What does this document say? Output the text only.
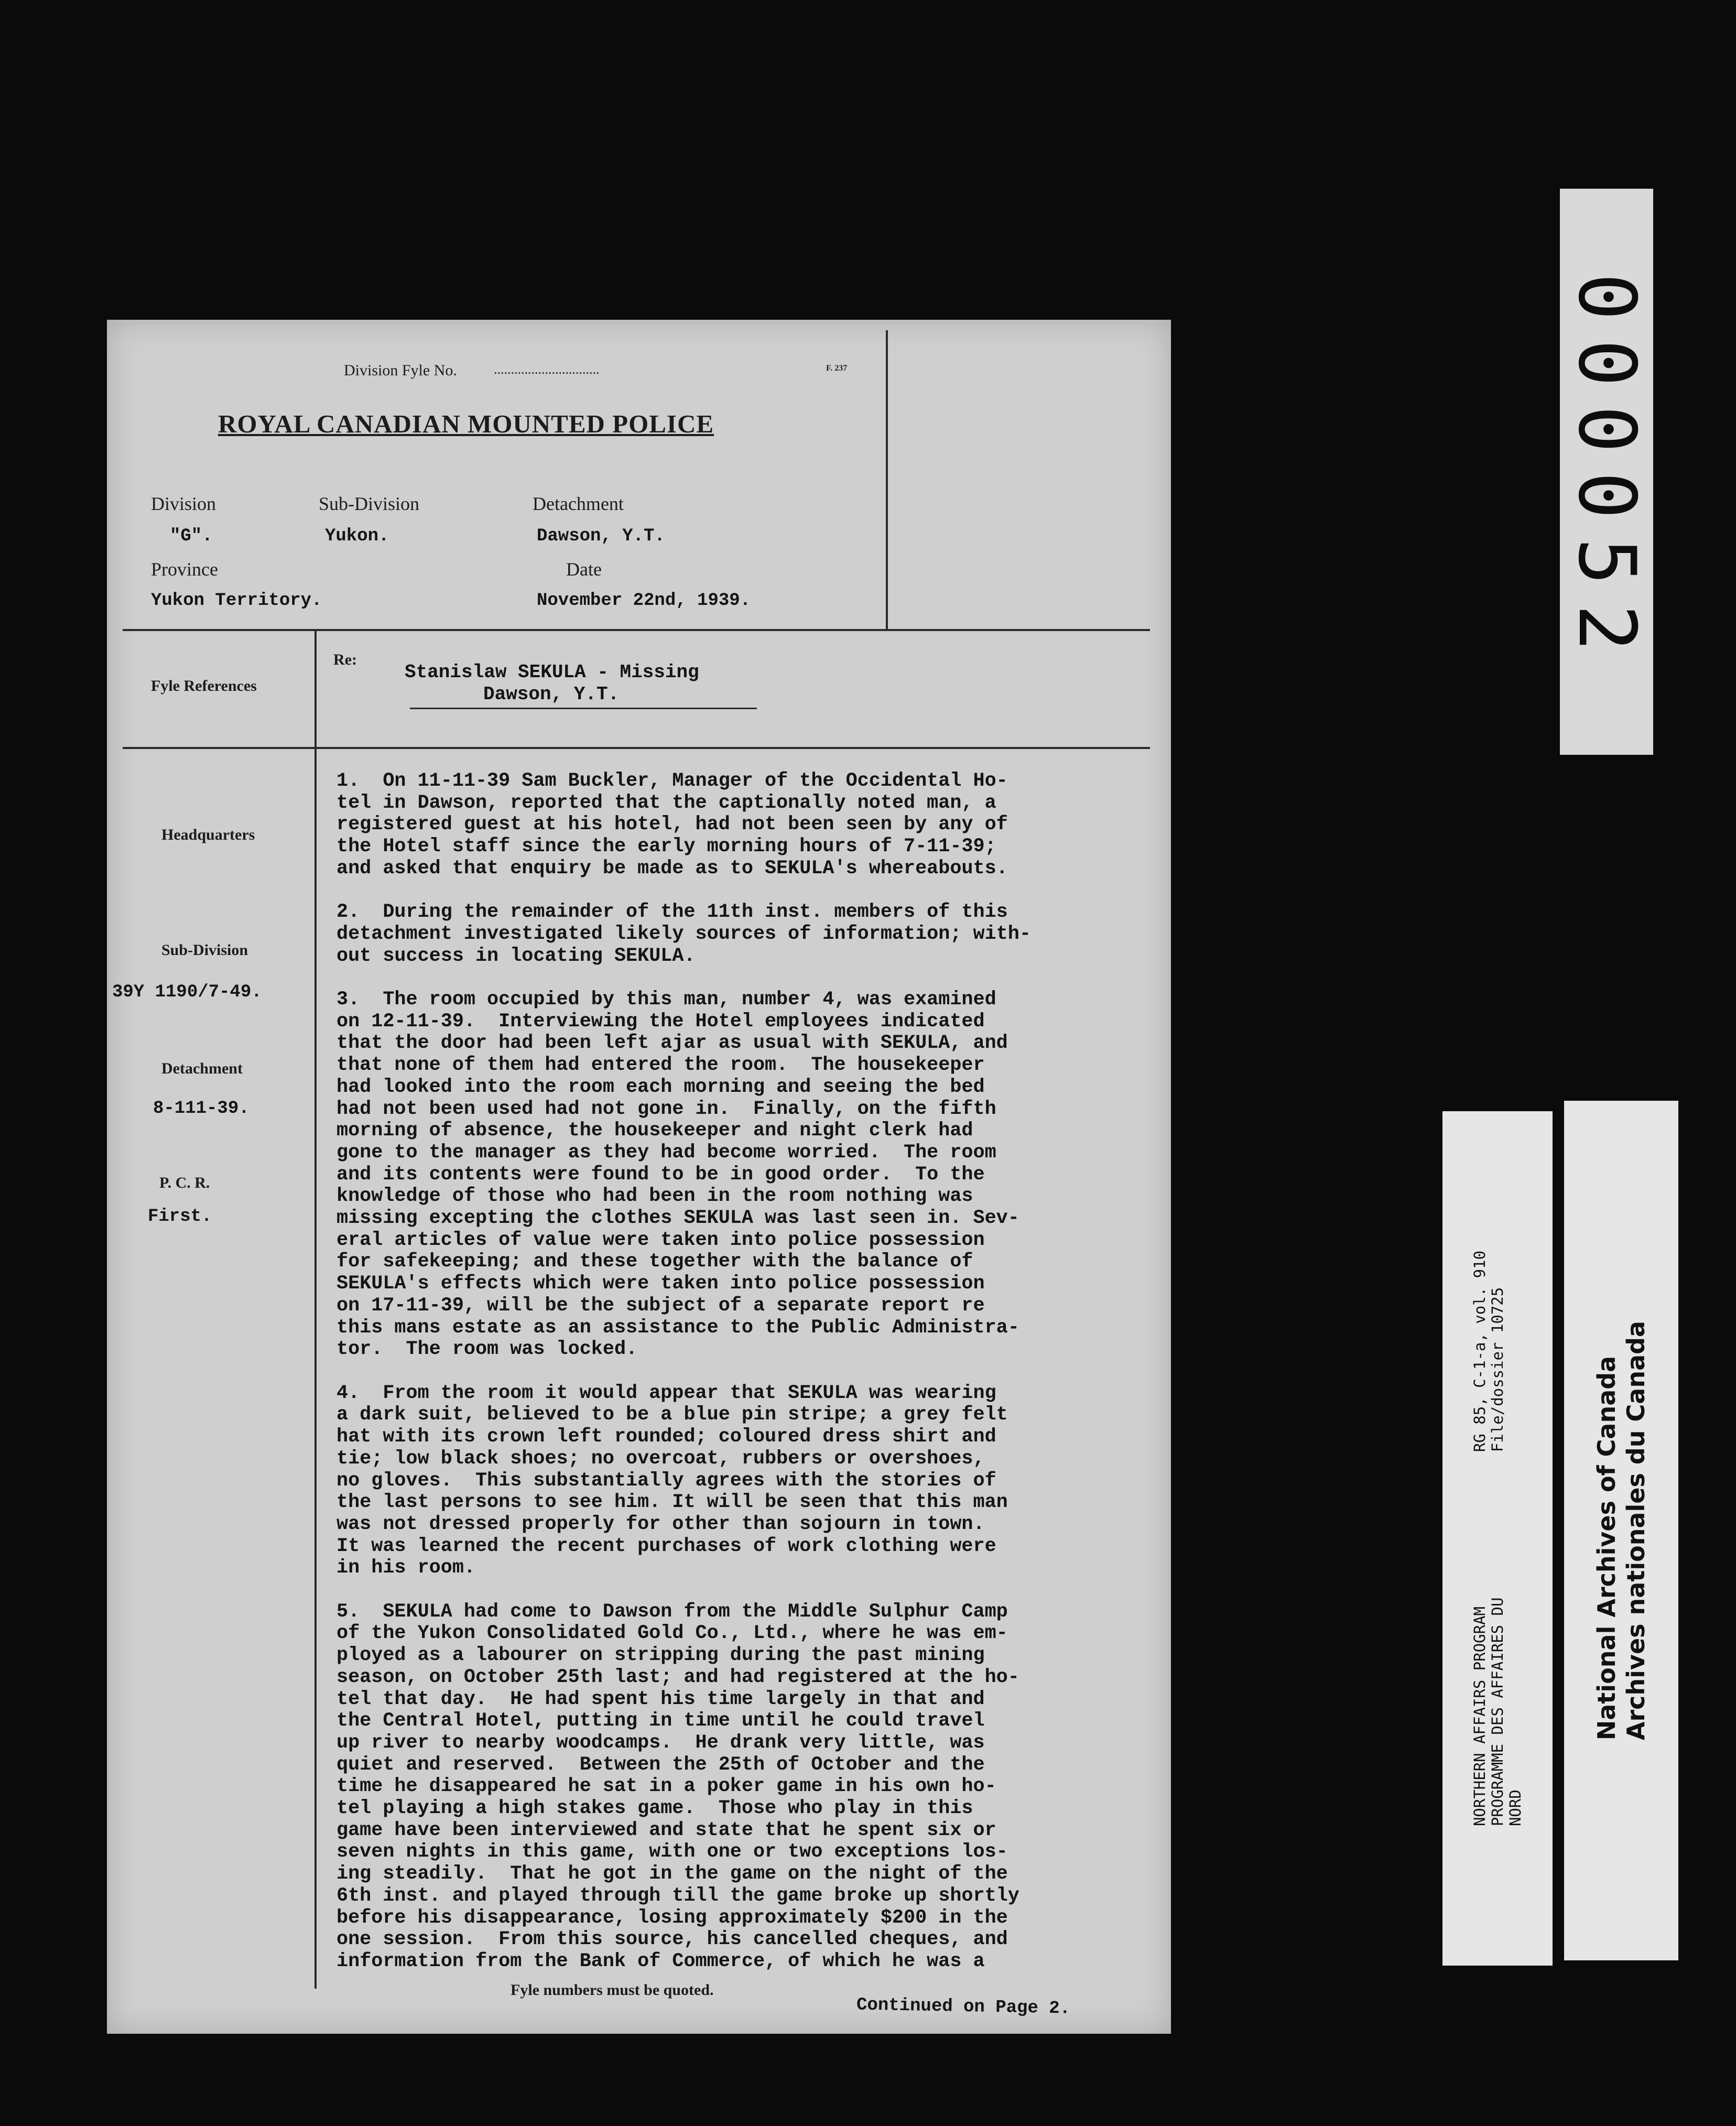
Division Fyle No.	...............................	F. 237
ROYAL CANADIAN MOUNTED POLICE
Division	Sub-Division	Detachment
"G".	Yukon.	Dawson, Y.T.
Province	Date
Yukon Territory.	November 22nd, 1939.
Fyle References
Re:
Stanislaw SEKULA - Missing
Dawson, Y.T.
Headquarters
Sub-Division
39Y 1190/7-49.
Detachment
8-111-39.
P. C. R.
First.
1.  On 11-11-39 Sam Buckler, Manager of the Occidental Ho-
tel in Dawson, reported that the captionally noted man, a
registered guest at his hotel, had not been seen by any of
the Hotel staff since the early morning hours of 7-11-39;
and asked that enquiry be made as to SEKULA's whereabouts.

2.  During the remainder of the 11th inst. members of this
detachment investigated likely sources of information; with-
out success in locating SEKULA.

3.  The room occupied by this man, number 4, was examined
on 12-11-39.  Interviewing the Hotel employees indicated
that the door had been left ajar as usual with SEKULA, and
that none of them had entered the room.  The housekeeper
had looked into the room each morning and seeing the bed
had not been used had not gone in.  Finally, on the fifth
morning of absence, the housekeeper and night clerk had
gone to the manager as they had become worried.  The room
and its contents were found to be in good order.  To the
knowledge of those who had been in the room nothing was
missing excepting the clothes SEKULA was last seen in. Sev-
eral articles of value were taken into police possession
for safekeeping; and these together with the balance of
SEKULA's effects which were taken into police possession
on 17-11-39, will be the subject of a separate report re
this mans estate as an assistance to the Public Administra-
tor.  The room was locked.

4.  From the room it would appear that SEKULA was wearing
a dark suit, believed to be a blue pin stripe; a grey felt
hat with its crown left rounded; coloured dress shirt and
tie; low black shoes; no overcoat, rubbers or overshoes,
no gloves.  This substantially agrees with the stories of
the last persons to see him. It will be seen that this man
was not dressed properly for other than sojourn in town.
It was learned the recent purchases of work clothing were
in his room.

5.  SEKULA had come to Dawson from the Middle Sulphur Camp
of the Yukon Consolidated Gold Co., Ltd., where he was em-
ployed as a labourer on stripping during the past mining
season, on October 25th last; and had registered at the ho-
tel that day.  He had spent his time largely in that and
the Central Hotel, putting in time until he could travel
up river to nearby woodcamps.  He drank very little, was
quiet and reserved.  Between the 25th of October and the
time he disappeared he sat in a poker game in his own ho-
tel playing a high stakes game.  Those who play in this
game have been interviewed and state that he spent six or
seven nights in this game, with one or two exceptions los-
ing steadily.  That he got in the game on the night of the
6th inst. and played through till the game broke up shortly
before his disappearance, losing approximately $200 in the
one session.  From this source, his cancelled cheques, and
information from the Bank of Commerce, of which he was a
Fyle numbers must be quoted.
Continued on Page 2.
000052
NORTHERN AFFAIRS PROGRAM PROGRAMME DES AFFAIRES DU NORD

RG 85, C-1-a, vol. 910 File/dossier 10725	National Archives of Canada Archives nationales du Canada
